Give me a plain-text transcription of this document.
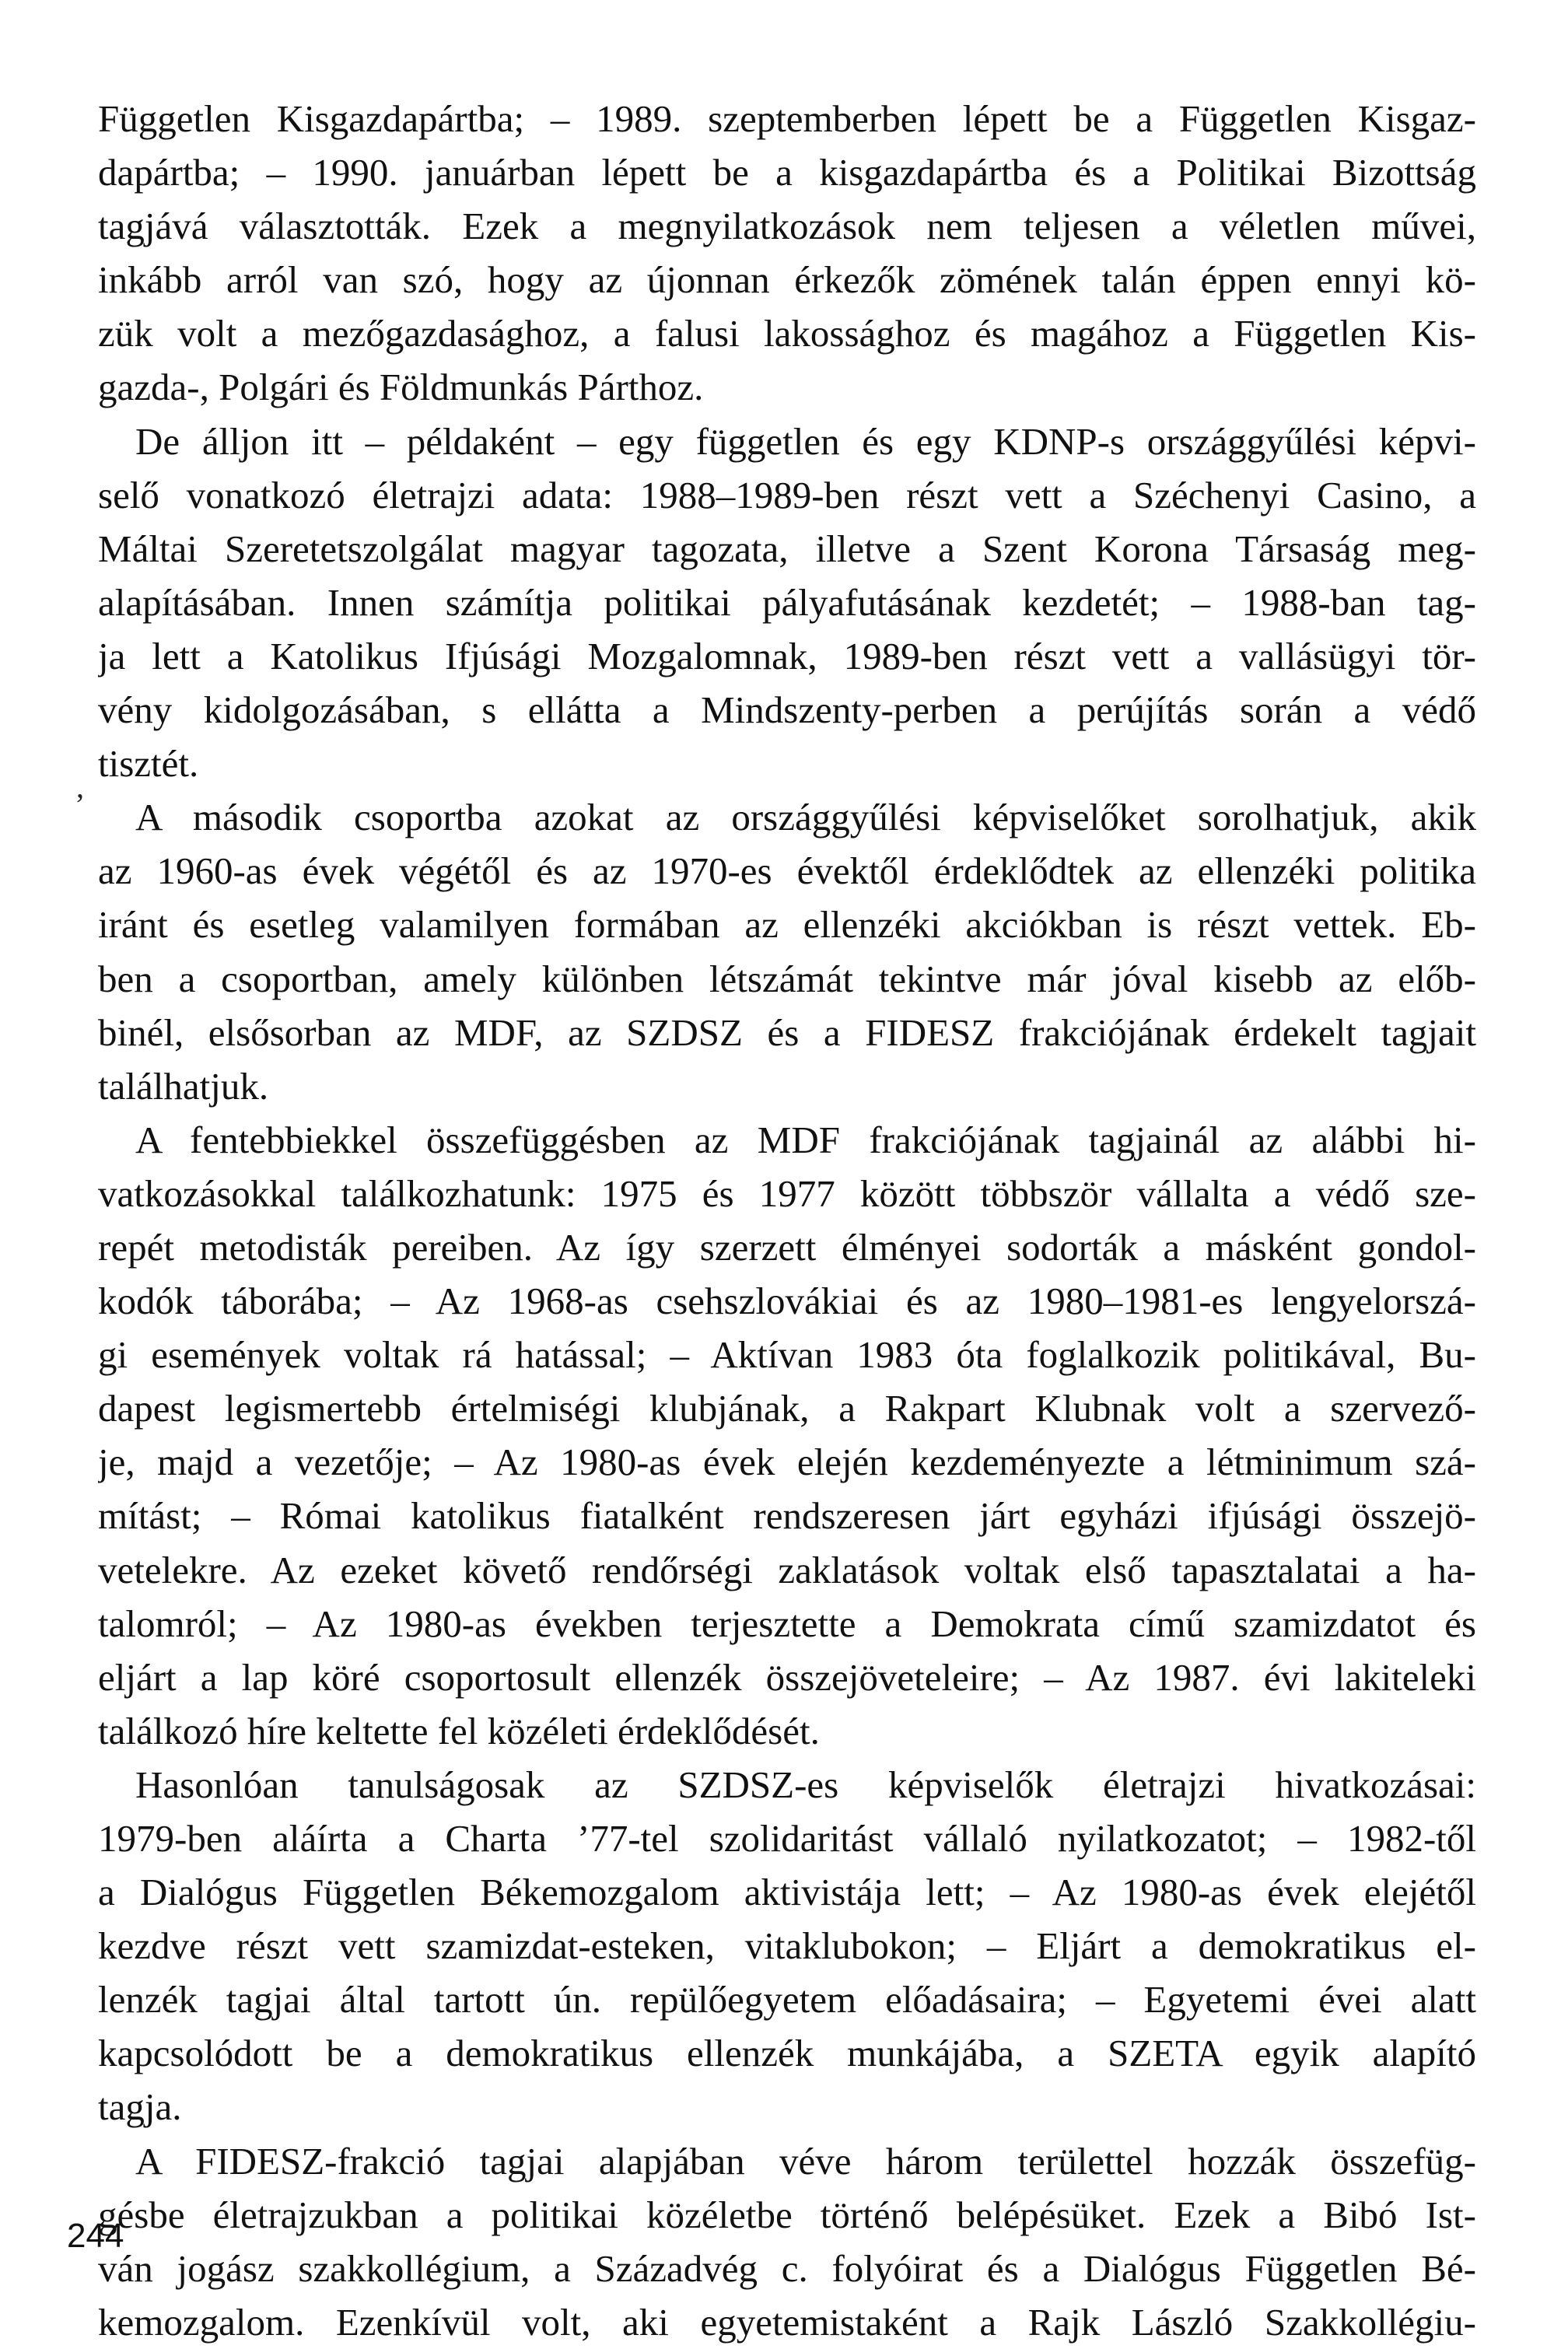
Független Kisgazdapártba; – 1989. szeptemberben lépett be a Független Kisgaz-
dapártba; – 1990. januárban lépett be a kisgazdapártba és a Politikai Bizottság
tagjává választották. Ezek a megnyilatkozások nem teljesen a véletlen művei,
inkább arról van szó, hogy az újonnan érkezők zömének talán éppen ennyi kö-
zük volt a mezőgazdasághoz, a falusi lakossághoz és magához a Független Kis-
gazda-, Polgári és Földmunkás Párthoz.
De álljon itt – példaként – egy független és egy KDNP-s országgyűlési képvi-
selő vonatkozó életrajzi adata: 1988–1989-ben részt vett a Széchenyi Casino, a
Máltai Szeretetszolgálat magyar tagozata, illetve a Szent Korona Társaság meg-
alapításában. Innen számítja politikai pályafutásának kezdetét; – 1988-ban tag-
ja lett a Katolikus Ifjúsági Mozgalomnak, 1989-ben részt vett a vallásügyi tör-
vény kidolgozásában, s ellátta a Mindszenty-perben a perújítás során a védő
tisztét.
A második csoportba azokat az országgyűlési képviselőket sorolhatjuk, akik
az 1960-as évek végétől és az 1970-es évektől érdeklődtek az ellenzéki politika
iránt és esetleg valamilyen formában az ellenzéki akciókban is részt vettek. Eb-
ben a csoportban, amely különben létszámát tekintve már jóval kisebb az előb-
binél, elsősorban az MDF, az SZDSZ és a FIDESZ frakciójának érdekelt tagjait
találhatjuk.
A fentebbiekkel összefüggésben az MDF frakciójának tagjainál az alábbi hi-
vatkozásokkal találkozhatunk: 1975 és 1977 között többször vállalta a védő sze-
repét metodisták pereiben. Az így szerzett élményei sodorták a másként gondol-
kodók táborába; – Az 1968-as csehszlovákiai és az 1980–1981-es lengyelorszá-
gi események voltak rá hatással; – Aktívan 1983 óta foglalkozik politikával, Bu-
dapest legismertebb értelmiségi klubjának, a Rakpart Klubnak volt a szervező-
je, majd a vezetője; – Az 1980-as évek elején kezdeményezte a létminimum szá-
mítást; – Római katolikus fiatalként rendszeresen járt egyházi ifjúsági összejö-
vetelekre. Az ezeket követő rendőrségi zaklatások voltak első tapasztalatai a ha-
talomról; – Az 1980-as években terjesztette a Demokrata című szamizdatot és
eljárt a lap köré csoportosult ellenzék összejöveteleire; – Az 1987. évi lakiteleki
találkozó híre keltette fel közéleti érdeklődését.
Hasonlóan tanulságosak az SZDSZ-es képviselők életrajzi hivatkozásai:
1979-ben aláírta a Charta ’77-tel szolidaritást vállaló nyilatkozatot; – 1982-től
a Dialógus Független Békemozgalom aktivistája lett; – Az 1980-as évek elejétől
kezdve részt vett szamizdat-esteken, vitaklubokon; – Eljárt a demokratikus el-
lenzék tagjai által tartott ún. repülőegyetem előadásaira; – Egyetemi évei alatt
kapcsolódott be a demokratikus ellenzék munkájába, a SZETA egyik alapító
tagja.
A FIDESZ-frakció tagjai alapjában véve három területtel hozzák összefüg-
gésbe életrajzukban a politikai közéletbe történő belépésüket. Ezek a Bibó Ist-
ván jogász szakkollégium, a Századvég c. folyóirat és a Dialógus Független Bé-
kemozgalom. Ezenkívül volt, aki egyetemistaként a Rajk László Szakkollégiu-
,
244
